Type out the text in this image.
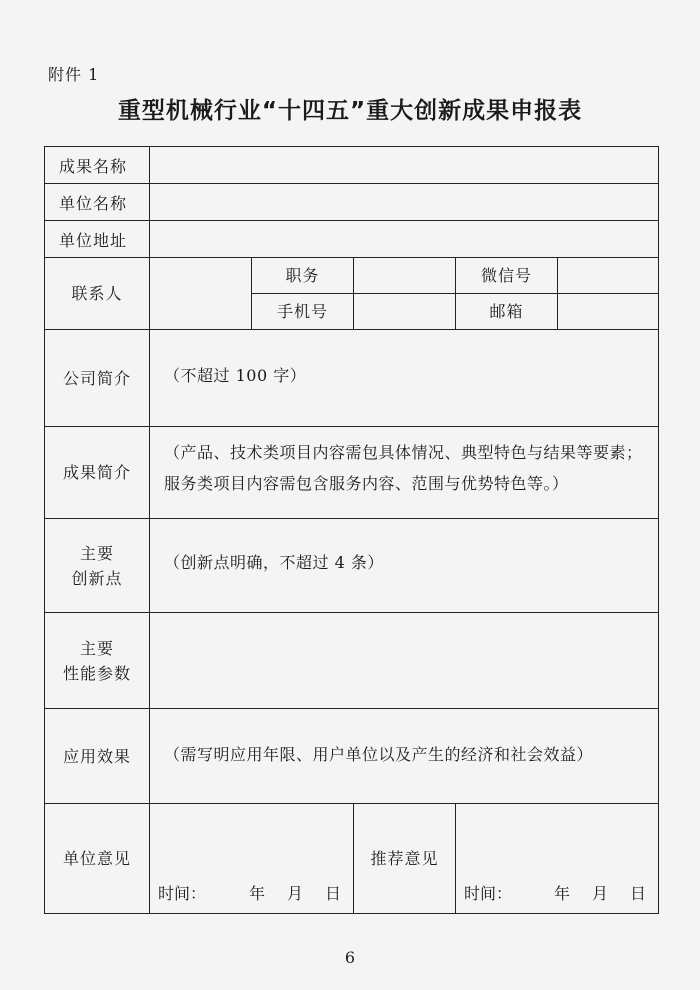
附件 1
重型机械行业“十四五”重大创新成果申报表
成果名称					
单位名称					
单位地址					
联系人		职务		微信号	
		手机号		邮箱	
公司简介	（不超过 100 字）				
成果简介	（产品、技术类项目内容需包具体情况、典型特色与结果等要素；服务类项目内容需包含服务内容、范围与优势特色等。）				

主要
创新点	（创新点明确，不超过 4 条）				

主要
性能参数					

应用效果	（需写明应用年限、用户单位以及产生的经济和社会效益）				
单位意见	时间： 年 月 日		推荐意见	时间： 年 月 日	
6
